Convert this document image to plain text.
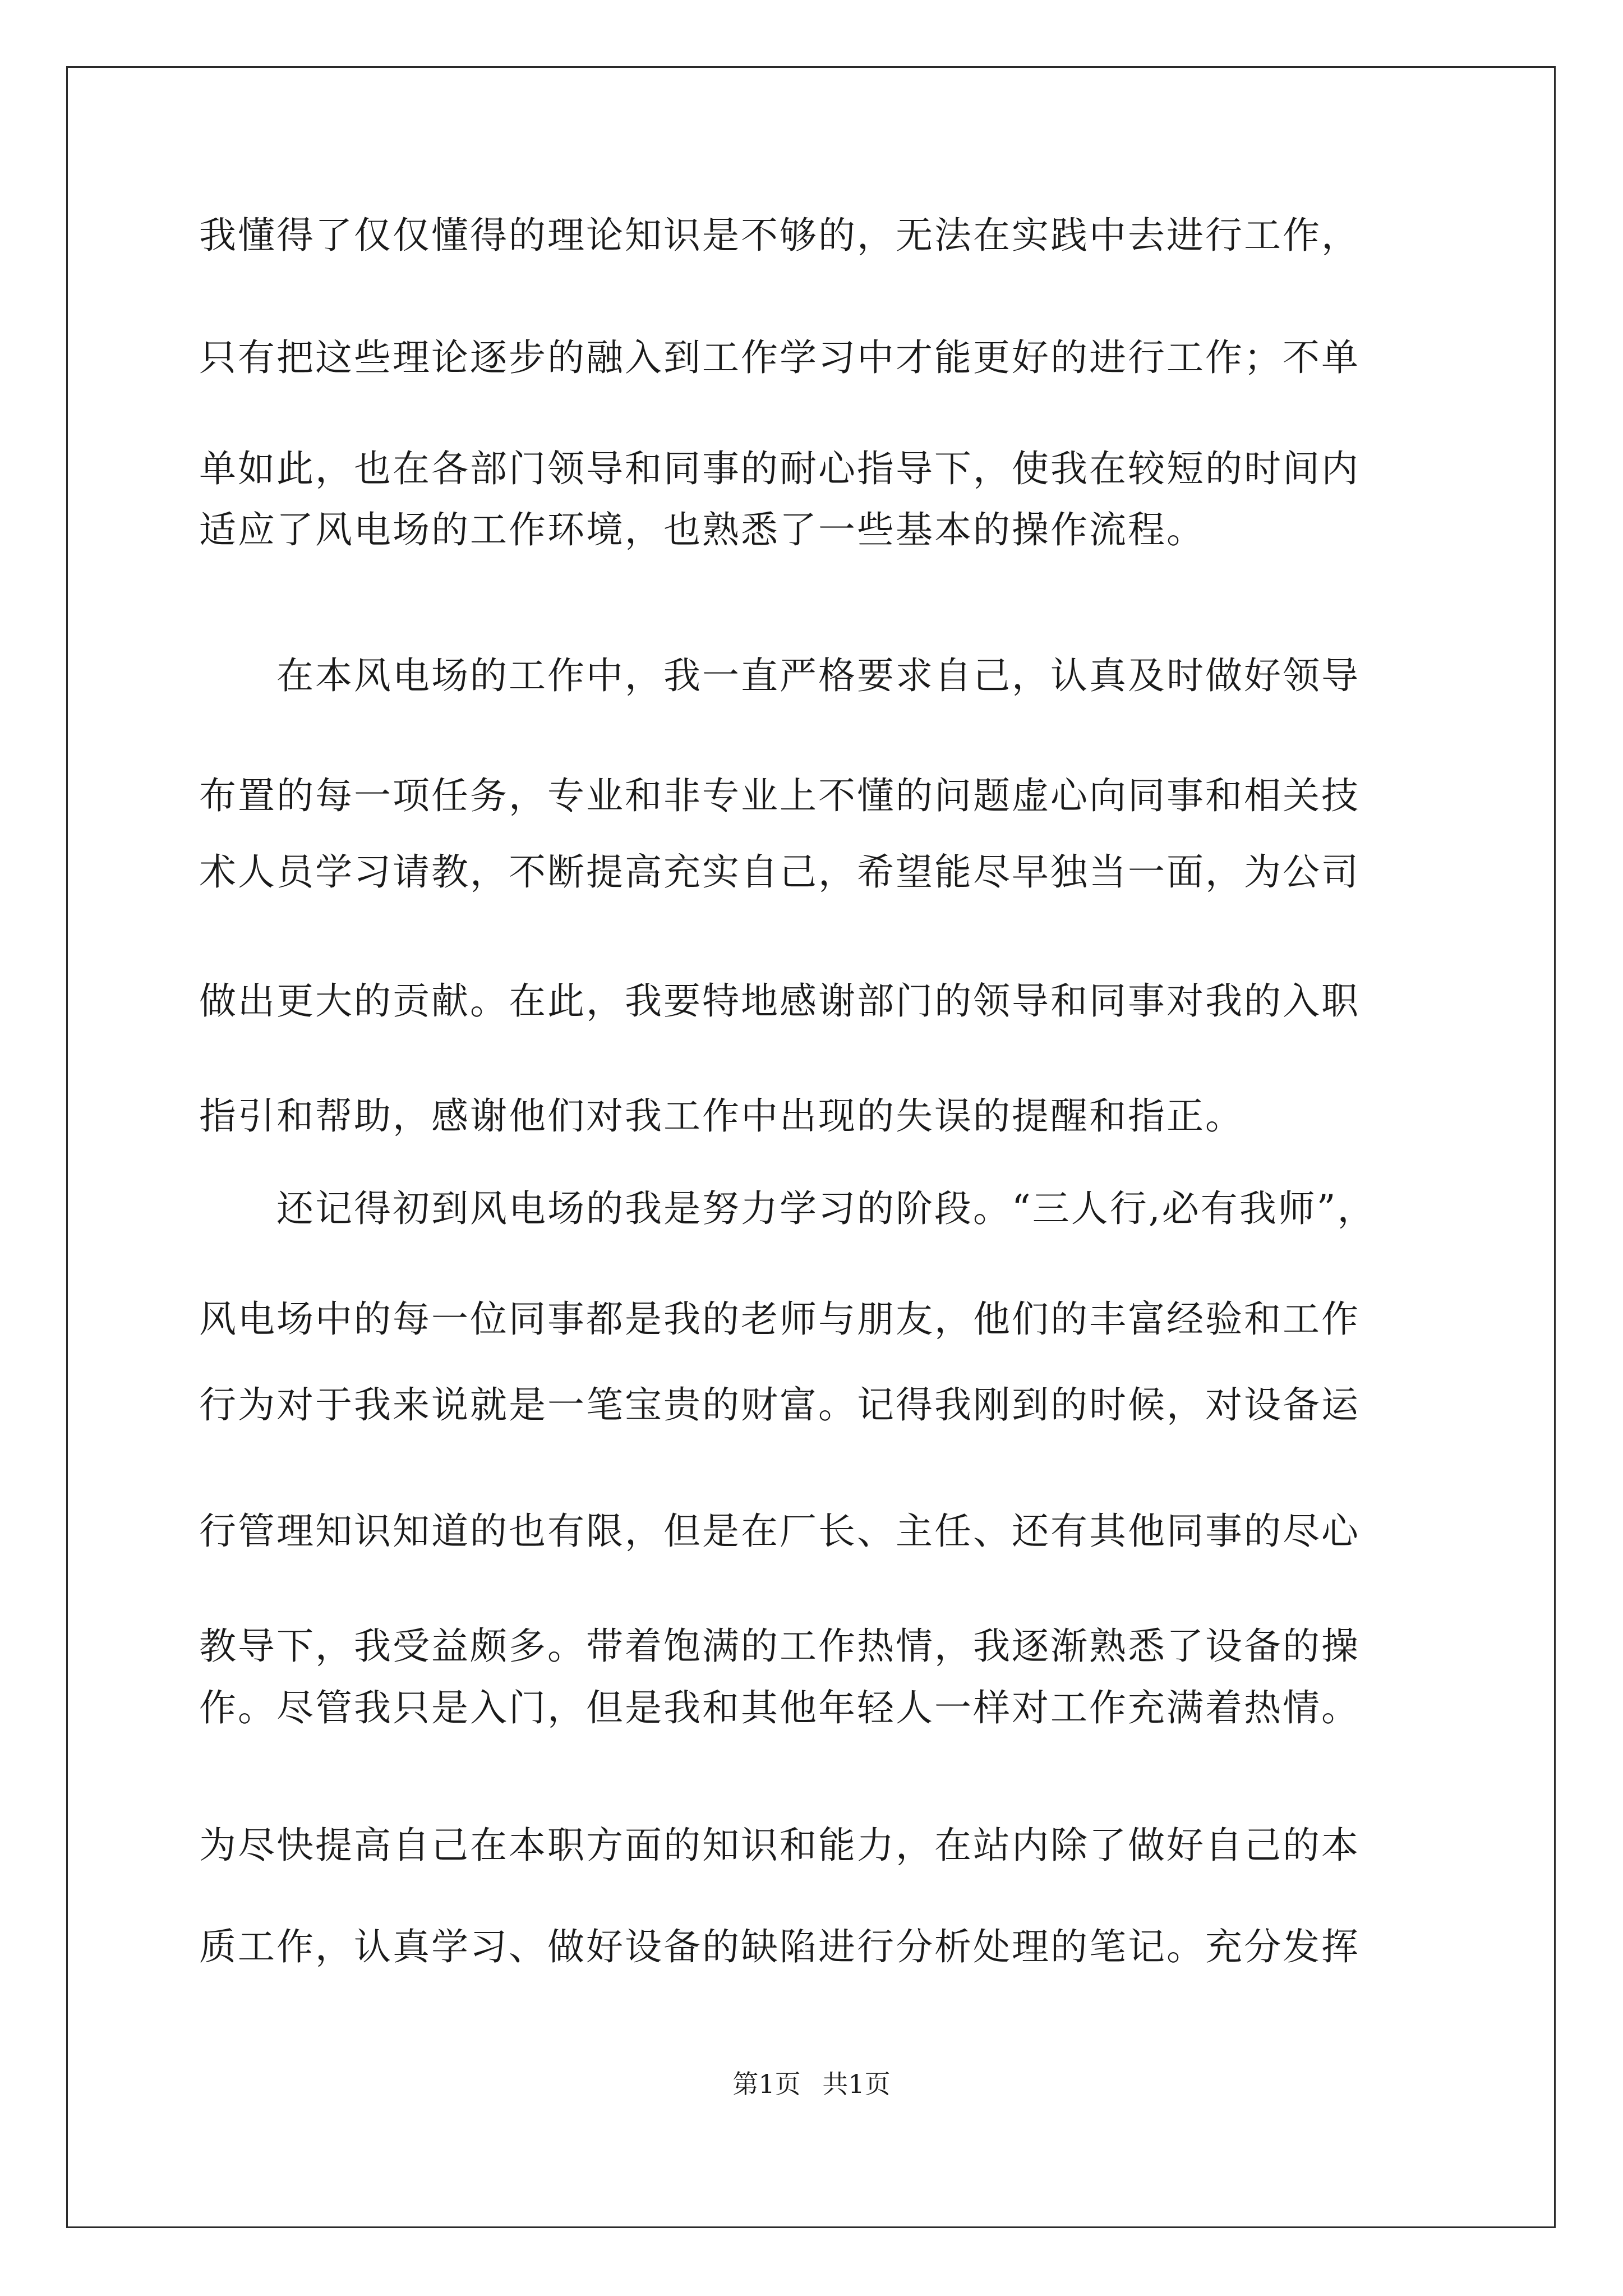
我懂得了仅仅懂得的理论知识是不够的，无法在实践中去进行工作，
只有把这些理论逐步的融入到工作学习中才能更好的进行工作；不单
单如此，也在各部门领导和同事的耐心指导下，使我在较短的时间内
适应了风电场的工作环境，也熟悉了一些基本的操作流程。
　　在本风电场的工作中，我一直严格要求自己，认真及时做好领导
布置的每一项任务，专业和非专业上不懂的问题虚心向同事和相关技
术人员学习请教，不断提高充实自己，希望能尽早独当一面，为公司
做出更大的贡献。在此，我要特地感谢部门的领导和同事对我的入职
指引和帮助，感谢他们对我工作中出现的失误的提醒和指正。
　　还记得初到风电场的我是努力学习的阶段。“三人行,必有我师”，
风电场中的每一位同事都是我的老师与朋友，他们的丰富经验和工作
行为对于我来说就是一笔宝贵的财富。记得我刚到的时候，对设备运
行管理知识知道的也有限，但是在厂长、主任、还有其他同事的尽心
教导下，我受益颇多。带着饱满的工作热情，我逐渐熟悉了设备的操
作。尽管我只是入门，但是我和其他年轻人一样对工作充满着热情。
为尽快提高自己在本职方面的知识和能力，在站内除了做好自己的本
质工作，认真学习、做好设备的缺陷进行分析处理的笔记。充分发挥
第1页 共1页
